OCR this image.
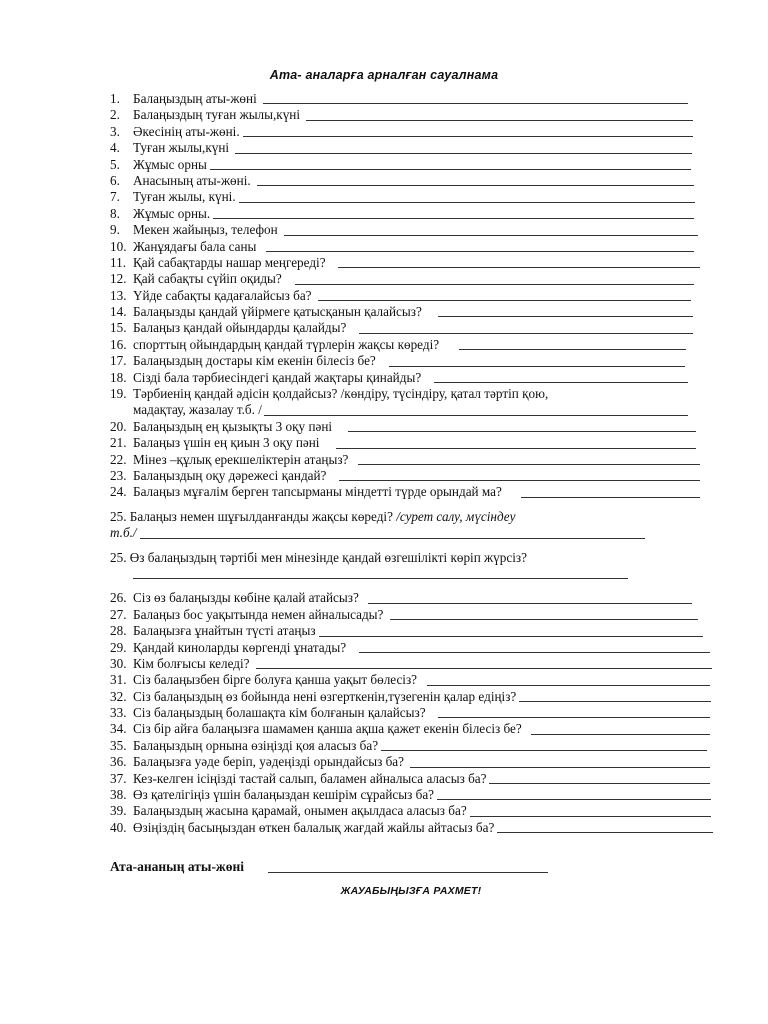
Ата- аналарға арналған сауалнама
1. Балаңыздың аты-жөні
2. Балаңыздың туған жылы,күні
3. Әкесінің аты-жөні.
4. Туған жылы,күні
5. Жұмыс орны
6. Анасының аты-жөні.
7. Туған жылы, күні.
8. Жұмыс орны.
9. Мекен жайыңыз, телефон
10. Жанұядағы бала саны
11. Қай сабақтарды нашар меңгереді?
12. Қай сабақты сүйіп оқиды?
13. Үйде сабақты қадағалайсыз ба?
14. Балаңызды қандай үйірмеге қатысқанын қалайсыз?
15. Балаңыз қандай ойындарды қалайды?
16. спорттың ойындардың қандай түрлерін жақсы көреді?
17. Балаңыздың достары кім екенін білесіз бе?
18. Сізді бала тәрбиесіндегі қандай жақтары қинайды?
19. Тәрбиенің қандай әдісін қолдайсыз? /көндіру, түсіндіру, қатал тәртіп қою,
мадақтау, жазалау т.б. /
20. Балаңыздың ең қызықты 3 оқу пәні
21. Балаңыз үшін ең қиын 3 оқу пәні
22. Мінез –құлық ерекшеліктерін атаңыз?
23. Балаңыздың оқу дәрежесі қандай?
24. Балаңыз мұғалім берген тапсырманы міндетті түрде орындай ма?
25. Балаңыз немен шұғылданғанды жақсы көреді? /сурет салу, мүсіндеу
т.б./
25. Өз балаңыздың тәртібі мен мінезінде қандай өзгешілікті көріп жүрсіз?
26. Сіз өз балаңызды көбіне қалай атайсыз?
27. Балаңыз бос уақытында немен айналысады?
28. Балаңызға ұнайтын түсті атаңыз
29. Қандай киноларды көргенді ұнатады?
30. Кім болғысы келеді?
31. Сіз балаңызбен бірге болуға қанша уақыт бөлесіз?
32. Сіз балаңыздың өз бойында нені өзгерткенін,түзегенін қалар едіңіз?
33. Сіз балаңыздың болашақта кім болғанын қалайсыз?
34. Сіз бір айға балаңызға шамамен қанша ақша қажет екенін білесіз бе?
35. Балаңыздың орнына өзіңізді қоя аласыз ба?
36. Балаңызға уәде беріп, уәдеңізді орындайсыз ба?
37. Кез-келген ісіңізді тастай салып, баламен айналыса аласыз ба?
38. Өз қателігіңіз үшін балаңыздан кешірім сұрайсыз ба?
39. Балаңыздың жасына қарамай, онымен ақылдаса аласыз ба?
40. Өзіңіздің басыңыздан өткен балалық жағдай жайлы айтасыз ба?
Ата-ананың аты-жөні
ЖАУАБЫҢЫЗҒА РАХМЕТ!
